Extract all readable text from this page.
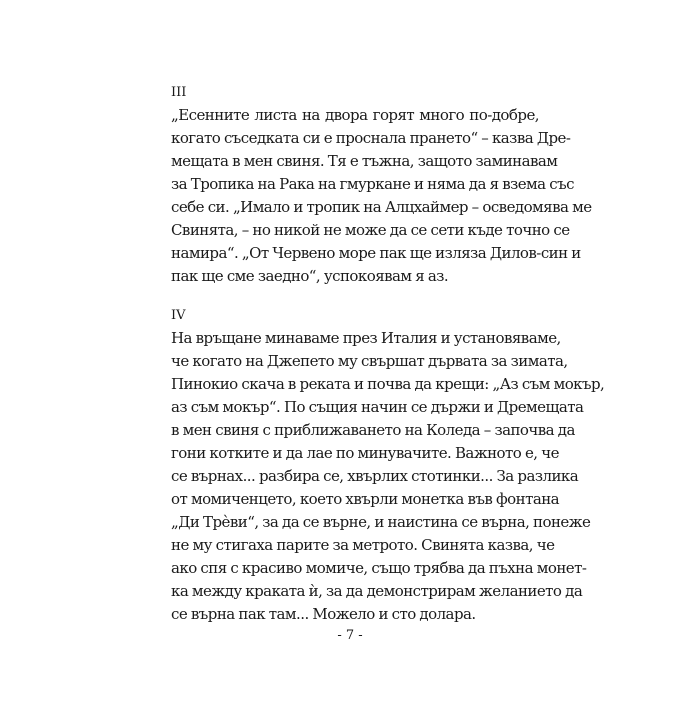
III

„Есенните листа на двора горят много по-добре,

когато съседката си е проснала прането“ – казва Дре-

мещата в мен свиня. Тя е тъжна, защото заминавам

за Тропика на Рака на гмуркане и няма да я взема със

себе си. „Имало и тропик на Алцхаймер – осведомява ме

Свинята, – но никой не може да се сети къде точно се

намира“. „От Червено море пак ще изляза Дилов-син и

пак ще сме заедно“, успокоявам я аз.

IV

На връщане минаваме през Италия и установяваме,

че когато на Джепето му свършат дървата за зимата,

Пинокио скача в реката и почва да крещи: „Аз съм мокър,

аз съм мокър“. По същия начин се държи и Дремещата

в мен свиня с приближаването на Коледа – започва да

гони котките и да лае по минувачите. Важното е, че

се върнах... разбира се, хвърлих стотинки... За разлика

от момиченцето, което хвърли монетка във фонтана

„Ди Трѐви“, за да се върне, и наистина се върна, понеже

не му стигаха парите за метрото. Свинята казва, че

ако спя с красиво момиче, също трябва да пъхна монет-

ка между краката ѝ, за да демонстрирам желанието да

се върна пак там... Можело и сто долара.

- 7 -
